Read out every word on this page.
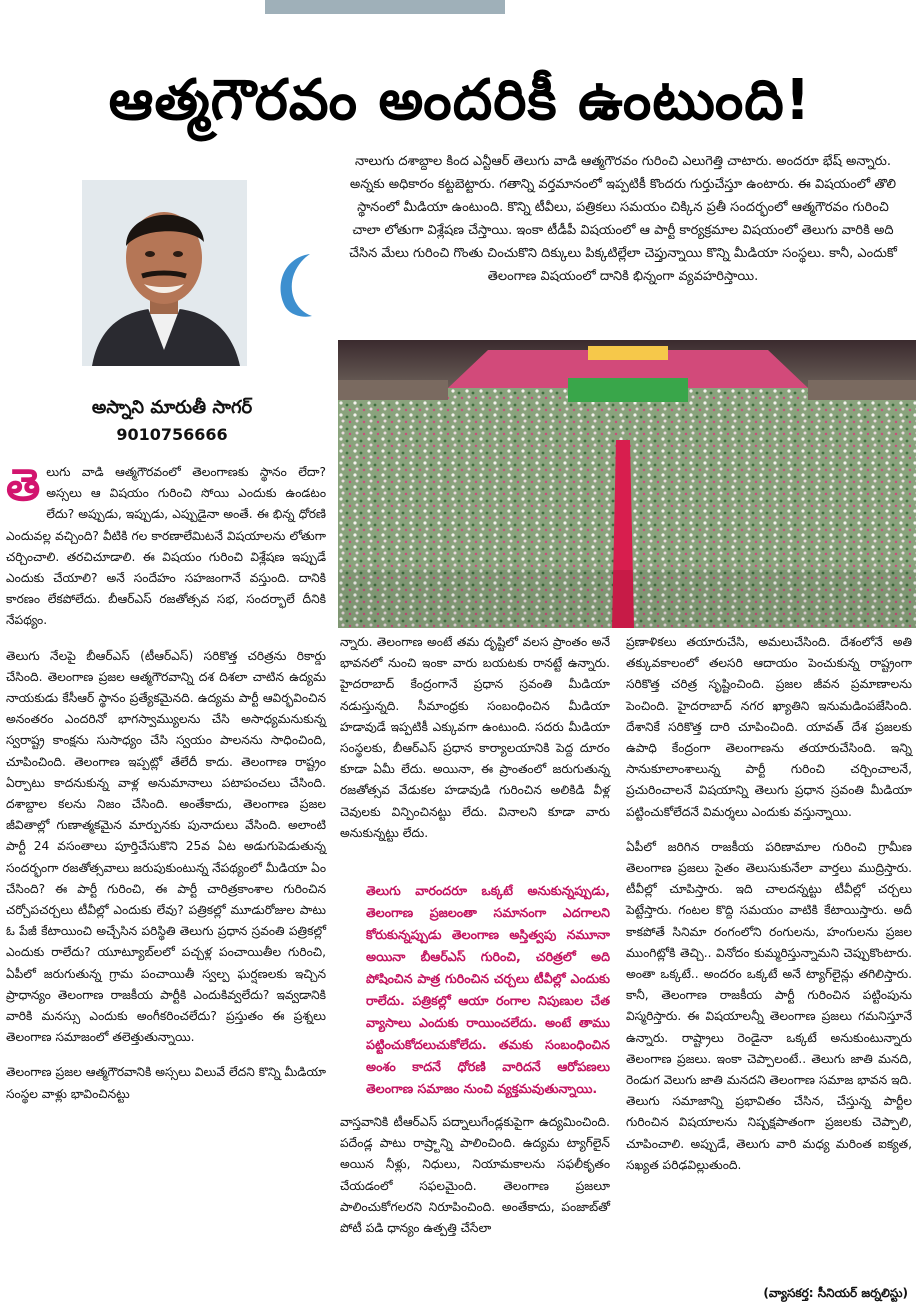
ఆత్మగౌరవం అందరికీ ఉంటుంది!
అస్నాని మారుతీ సాగర్
9010756666
నాలుగు దశాబ్దాల కింద ఎన్టీఆర్ తెలుగు వాడి ఆత్మగౌరవం గురించి ఎలుగెత్తి చాటారు. అందరూ భేష్ అన్నారు. అన్నకు అధికారం కట్టబెట్టారు. గతాన్ని వర్తమానంలో ఇప్పటికీ కొందరు గుర్తుచేస్తూ ఉంటారు. ఈ విషయంలో తొలి స్థానంలో మీడియా ఉంటుంది. కొన్ని టీవీలు, పత్రికలు సమయం చిక్కిన ప్రతీ సందర్భంలో ఆత్మగౌరవం గురించి చాలా లోతుగా విశ్లేషణ చేస్తాయి. ఇంకా టీడీపీ విషయంలో ఆ పార్టీ కార్యక్రమాల విషయంలో తెలుగు వారికి అది చేసిన మేలు గురించి గొంతు చించుకొని దిక్కులు పిక్కటిల్లేలా చెప్తున్నాయి కొన్ని మీడియా సంస్థలు. కానీ, ఎందుకో తెలంగాణ విషయంలో దానికి భిన్నంగా వ్యవహరిస్తాయి.

తెలుగు వాడి ఆత్మగౌరవంలో తెలంగాణకు స్థానం లేదా? అస్సలు ఆ విషయం గురించి సోయి ఎందుకు ఉండటం లేదు? అప్పుడు, ఇప్పుడు, ఎప్పుడైనా అంతే. ఈ భిన్న ధోరణి ఎందువల్ల వచ్చింది? వీటికి గల కారణాలేమిటనే విషయాలను లోతుగా చర్చించాలి. తరచిచూడాలి. ఈ విషయం గురించి విశ్లేషణ ఇప్పుడే ఎందుకు చేయాలి? అనే సందేహం సహజంగానే వస్తుంది. దానికి కారణం లేకపోలేదు. బీఆర్ఎస్ రజతోత్సవ సభ, సందర్భాలే దీనికి నేపథ్యం.

తెలుగు నేలపై బీఆర్ఎస్ (టీఆర్ఎస్) సరికొత్త చరిత్రను రికార్డు చేసింది. తెలంగాణ ప్రజల ఆత్మగౌరవాన్ని దశ దిశలా చాటిన ఉద్యమ నాయకుడు కేసీఆర్ స్థానం ప్రత్యేకమైనది. ఉద్యమ పార్టీ ఆవిర్భవించిన అనంతరం ఎందరినో భాగస్వామ్యులను చేసి అసాధ్యమనుకున్న స్వరాష్ట్ర కాంక్షను సుసాధ్యం చేసి స్వయం పాలనను సాధించింది, చూపించింది. తెలంగాణ ఇప్పట్లో తేలేదీ కాదు. తెలంగాణ రాష్ట్రం ఏర్పాటు కాదనుకున్న వాళ్ల అనుమానాలు పటాపంచలు చేసింది. దశాబ్దాల కలను నిజం చేసింది. అంతేకాదు, తెలంగాణ ప్రజల జీవితాల్లో గుణాత్మకమైన మార్పునకు పునాదులు వేసింది. అలాంటి పార్టీ 24 వసంతాలు పూర్తిచేసుకొని 25వ ఏట అడుగుపెడుతున్న సందర్భంగా రజతోత్సవాలు జరుపుకుంటున్న నేపథ్యంలో మీడియా ఏం చేసింది? ఈ పార్టీ గురించి, ఈ పార్టీ చారిత్రకాంశాల గురించిన చర్చోపచర్చలు టీవీల్లో ఎందుకు లేవు? పత్రికల్లో మూడురోజుల పాటు ఓ పేజీ కేటాయించి అచ్చేసిన పరిస్థితి తెలుగు ప్రధాన స్రవంతి పత్రికల్లో ఎందుకు రాలేదు? యూట్యూబ్‌లలో పచ్చళ్ల పంచాయితీల గురించి, ఏపీలో జరుగుతున్న గ్రామ పంచాయితీ స్వల్ప ఘర్షణలకు ఇచ్చిన ప్రాధాన్యం తెలంగాణ రాజకీయ పార్టీకి ఎందుకివ్వలేదు? ఇవ్వడానికి వారికి మనస్సు ఎందుకు అంగీకరించలేదు? ప్రస్తుతం ఈ ప్రశ్నలు తెలంగాణ సమాజంలో తలెత్తుతున్నాయి.

తెలంగాణ ప్రజల ఆత్మగౌరవానికి అస్సలు విలువే లేదని కొన్ని మీడియా సంస్థల వాళ్లు భావించినట్టు

న్నారు. తెలంగాణ అంటే తమ దృష్టిలో వలస ప్రాంతం అనే భావనలో నుంచి ఇంకా వారు బయటకు రానట్టే ఉన్నారు. హైదరాబాద్ కేంద్రంగానే ప్రధాన స్రవంతి మీడియా నడుస్తున్నది. సీమాంధ్రకు సంబంధించిన మీడియా హడావుడే ఇప్పటికీ ఎక్కువగా ఉంటుంది. సదరు మీడియా సంస్థలకు, బీఆర్ఎస్ ప్రధాన కార్యాలయానికి పెద్ద దూరం కూడా ఏమీ లేదు. అయినా, ఈ ప్రాంతంలో జరుగుతున్న రజతోత్సవ వేడుకల హడావుడి గురించిన అలికిడి వీళ్ల చెవులకు విన్పించినట్టు లేదు. వినాలని కూడా వారు అనుకున్నట్టు లేదు.

తెలుగు వారందరూ ఒక్కటే అనుకున్నప్పుడు, తెలంగాణ ప్రజలంతా సమానంగా ఎదగాలని కోరుకున్నప్పుడు తెలంగాణ అస్తిత్వపు నమూనా అయినా బీఆర్ఎస్ గురించి, చరిత్రలో అది పోషించిన పాత్ర గురించిన చర్చలు టీవీల్లో ఎందుకు రాలేదు. పత్రికల్లో ఆయా రంగాల నిపుణుల చేత వ్యాసాలు ఎందుకు రాయించలేదు. అంటే తాము పట్టించుకోదలుచుకోలేదు. తమకు సంబంధించిన అంశం కాదనే ధోరణి వారిదనే ఆరోపణలు తెలంగాణ సమాజం నుంచి వ్యక్తమవుతున్నాయి.

వాస్తవానికి టీఆర్ఎస్ పద్నాలుగేండ్లకుపైగా ఉద్యమించింది. పదేండ్ల పాటు రాష్ర్టాన్ని పాలించింది. ఉద్యమ ట్యాగ్‌లైన్ అయిన నీళ్లు, నిధులు, నియామకాలను సఫలీకృతం చేయడంలో సఫలమైంది. తెలంగాణ ప్రజలూ పాలించుకోగలరని నిరూపించింది. అంతేకాదు, పంజాబ్‌తో పోటీ పడి ధాన్యం ఉత్పత్తి చేసేలా

ప్రణాళికలు తయారుచేసి, అమలుచేసింది. దేశంలోనే అతి తక్కువకాలంలో తలసరి ఆదాయం పెంచుకున్న రాష్ట్రంగా సరికొత్త చరిత్ర సృష్టించింది. ప్రజల జీవన ప్రమాణాలను పెంచింది. హైదరాబాద్ నగర ఖ్యాతిని ఇనుమడింపజేసింది. దేశానికే సరికొత్త దారి చూపించింది. యావత్ దేశ ప్రజలకు ఉపాధి కేంద్రంగా తెలంగాణను తయారుచేసింది. ఇన్ని సానుకూలాంశాలున్న పార్టీ గురించి చర్చించాలనే, ప్రచురించాలనే విషయాన్ని తెలుగు ప్రధాన స్రవంతి మీడియా పట్టించుకోలేదనే విమర్శలు ఎందుకు వస్తున్నాయి.

ఏపీలో జరిగిన రాజకీయ పరిణామాల గురించి గ్రామీణ తెలంగాణ ప్రజలు సైతం తెలుసుకునేలా వార్తలు ముద్రిస్తారు. టీవీల్లో చూపిస్తారు. ఇది చాలదన్నట్టు టీవీల్లో చర్చలు పెట్టేస్తారు. గంటల కొద్ది సమయం వాటికి కేటాయిస్తారు. అదీ కాకపోతే సినిమా రంగంలోని రంగులను, హంగులను ప్రజల ముంగిట్లోకి తెచ్చి.. వినోదం కుమ్మరిస్తున్నామని చెప్పుకొంటారు. అంతా ఒక్కటే.. అందరం ఒక్కటే అనే ట్యాగ్‌లైన్లు తగిలిస్తారు. కానీ, తెలంగాణ రాజకీయ పార్టీ గురించిన పట్టింపును విస్మరిస్తారు. ఈ విషయాలన్నీ తెలంగాణ ప్రజలు గమనిస్తూనే ఉన్నారు. రాష్ట్రాలు రెండైనా ఒక్కటే అనుకుంటున్నారు తెలంగాణ ప్రజలు. ఇంకా చెప్పాలంటే.. తెలుగు జాతి మనది, రెండుగ వెలుగు జాతి మనదని తెలంగాణ సమాజ భావన ఇది. తెలుగు సమాజాన్ని ప్రభావితం చేసిన, చేస్తున్న పార్టీల గురించిన విషయాలను నిష్పక్షపాతంగా ప్రజలకు చెప్పాలి, చూపించాలి. అప్పుడే, తెలుగు వారి మధ్య మరింత ఐక్యత, సఖ్యత పరిఢవిల్లుతుంది.

(వ్యాసకర్త: సీనియర్ జర్నలిస్టు)
